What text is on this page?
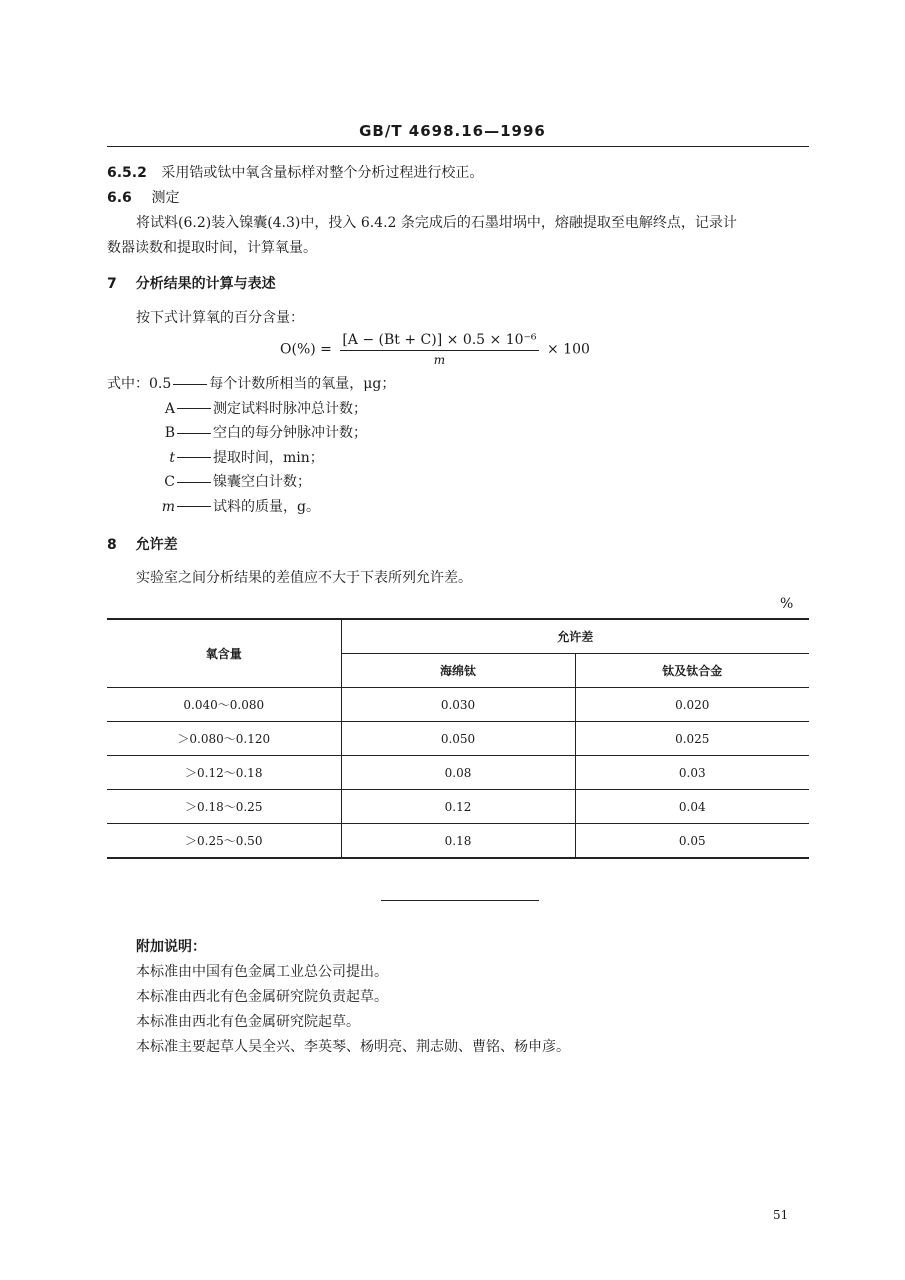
GB/T 4698.16—1996
6.5.2 采用锆或钛中氧含量标样对整个分析过程进行校正。
6.6 测定
将试料(6.2)装入镍囊(4.3)中，投入 6.4.2 条完成后的石墨坩埚中，熔融提取至电解终点，记录计
数器读数和提取时间，计算氧量。
7 分析结果的计算与表述
按下式计算氧的百分含量：
$O(\%) = \frac{\text{[A − (Bt + C)] × 0.5 × 10⁻⁶}}{m} \times 100$
式中：0.5	每个计数所相当的氧量，μg；
A	测定试料时脉冲总计数；
B	空白的每分钟脉冲计数；
t	提取时间，min；
C	镍囊空白计数；
m	试料的质量，g。
8 允许差
实验室之间分析结果的差值应不大于下表所列允许差。
%
氧含量	允许差	
	海绵钛	钛及钛合金
0.040～0.080	0.030	0.020
＞0.080～0.120	0.050	0.025
＞0.12～0.18	0.08	0.03
＞0.18～0.25	0.12	0.04
＞0.25～0.50	0.18	0.05
附加说明：
本标准由中国有色金属工业总公司提出。
本标准由西北有色金属研究院负责起草。
本标准由西北有色金属研究院起草。
本标准主要起草人吴全兴、李英琴、杨明亮、荆志勋、曹铭、杨申彦。
51
